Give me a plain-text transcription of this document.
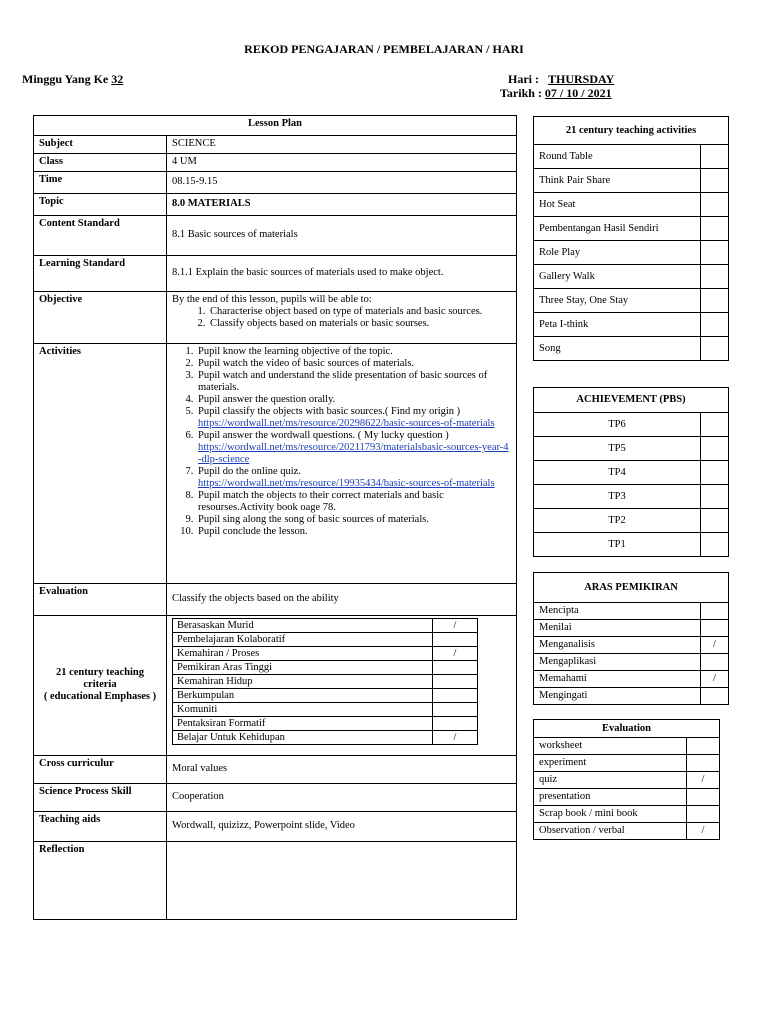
REKOD PENGAJARAN / PEMBELAJARAN / HARI
Minggu Yang Ke 32	Hari : THURSDAY
Tarikh : 07 / 10 / 2021
Lesson Plan
Subject	SCIENCE
Class	4 UM
Time	08.15-9.15
Topic	8.0 MATERIALS
Content Standard	8.1 Basic sources of materials
Learning Standard	8.1.1 Explain the basic sources of materials used to make object.
Objective	By the end of this lesson, pupils will be able to:
1. Characterise object based on type of materials and basic sources.
2. Classify objects based on materials or basic sourses.

Activities	
1.Pupil know the learning objective of the topic.
2. Pupil watch the video of basic sources of materials.
3. Pupil watch and understand the slide presentation of basic sources of materials.
4. Pupil answer the question orally.
5. Pupil classify the objects with basic sources.( Find my origin )
https://wordwall.net/ms/resource/20298622/basic-sources-of-materials
6. Pupil answer the wordwall questions. ( My lucky question )
https://wordwall.net/ms/resource/20211793/materialsbasic-sources-year-4-dlp-science
7. Pupil do the online quiz.
https://wordwall.net/ms/resource/19935434/basic-sources-of-materials
8. Pupil match the objects to their correct materials and basic resourses.Activity book oage 78.
9. Pupil sing along the song of basic sources of materials.
10. Pupil conclude the lesson.

Evaluation	Classify the objects based on the ability
21 century teaching criteria
( educational Emphases )	
Berasaskan Murid	/
Pembelajaran Kolaboratif	
Kemahiran / Proses	/
Pemikiran Aras Tinggi	
Kemahiran Hidup	
Berkumpulan	
Komuniti	
Pentaksiran Formatif	
Belajar Untuk Kehidupan	/

Cross curriculur	Moral values
Science Process Skill	Cooperation
Teaching aids	Wordwall, quizizz, Powerpoint slide, Video
Reflection	
21 century teaching activities	
Round Table	
Think Pair Share	
Hot Seat	
Pembentangan Hasil Sendiri	
Role Play	
Gallery Walk	
Three Stay, One Stay	
Peta I-think	
Song	
ACHIEVEMENT (PBS)	
TP6	
TP5	
TP4	
TP3	
TP2	
TP1	
ARAS PEMIKIRAN	
Mencipta	
Menilai	
Menganalisis	/
Mengaplikasi	
Memahami	/
Mengingati	
Evaluation	
worksheet	
experiment	
quiz	/
presentation	
Scrap book / mini book	
Observation / verbal	/
